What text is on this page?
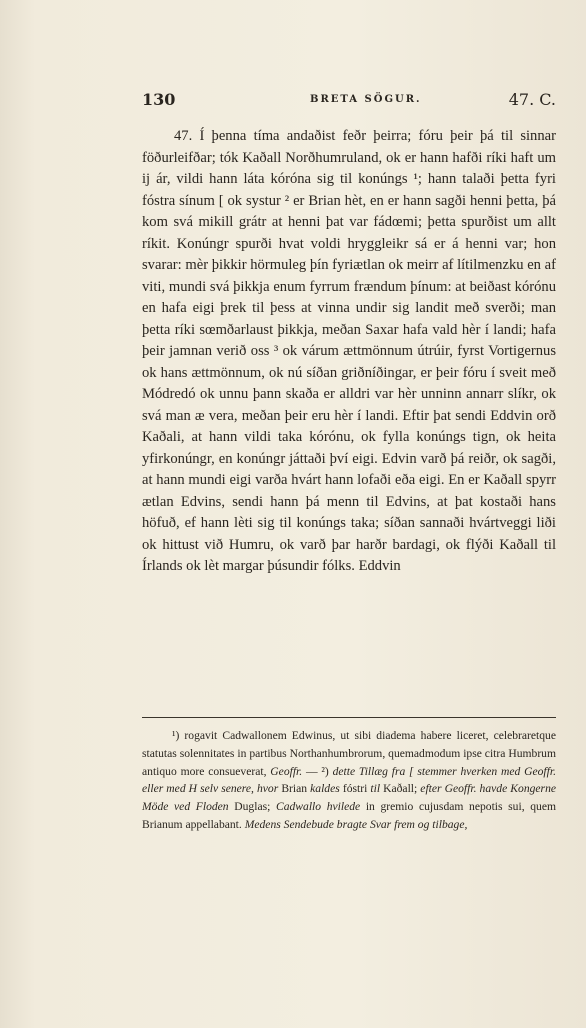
130	BRETA SÖGUR.	47. C.

47. Í þenna tíma andaðist feðr þeirra; fóru þeir þá til sinnar föðurleifðar; tók Kaðall Norðhumruland, ok er hann hafði ríki haft um ij ár, vildi hann láta kóróna sig til konúngs ¹; hann talaði þetta fyri fóstra sínum [ ok systur ² er Brian hèt, en er hann sagði henni þetta, þá kom svá mikill grátr at henni þat var fádœmi; þetta spurðist um allt ríkit. Konúngr spurði hvat voldi hryggleikr sá er á henni var; hon svarar: mèr þikkir hörmuleg þín fyriætlan ok meirr af lítilmenzku en af viti, mundi svá þikkja enum fyrrum frændum þínum: at beiðast kórónu en hafa eigi þrek til þess at vinna undir sig landit með sverði; man þetta ríki sœmðarlaust þikkja, meðan Saxar hafa vald hèr í landi; hafa þeir jamnan verið oss ³ ok várum ættmönnum útrúir, fyrst Vortigernus ok hans ættmönnum, ok nú síðan griðníðingar, er þeir fóru í sveit með Módredó ok unnu þann skaða er alldri var hèr unninn annarr slíkr, ok svá man æ vera, meðan þeir eru hèr í landi. Eftir þat sendi Eddvin orð Kaðali, at hann vildi taka kórónu, ok fylla konúngs tign, ok heita yfirkonúngr, en konúngr játtaði því eigi. Edvin varð þá reiðr, ok sagði, at hann mundi eigi varða hvárt hann lofaði eða eigi. En er Kaðall spyrr ætlan Edvins, sendi hann þá menn til Edvins, at þat kostaði hans höfuð, ef hann lèti sig til konúngs taka; síðan sannaði hvártveggi liði ok hittust við Humru, ok varð þar harðr bardagi, ok flýði Kaðall til Írlands ok lèt margar þúsundir fólks. Eddvin

¹) rogavit Cadwallonem Edwinus, ut sibi diadema habere liceret, celebraretque statutas solennitates in partibus Northanhumbrorum, quemadmodum ipse citra Humbrum antiquo more consueverat, Geoffr. — ²) dette Tillæg fra [ stemmer hverken med Geoffr. eller med H selv senere, hvor Brian kaldes fóstri til Kaðall; efter Geoffr. havde Kongerne Möde ved Floden Duglas; Cadwallo hvilede in gremio cujusdam nepotis sui, quem Brianum appellabant. Medens Sendebude bragte Svar frem og tilbage,
